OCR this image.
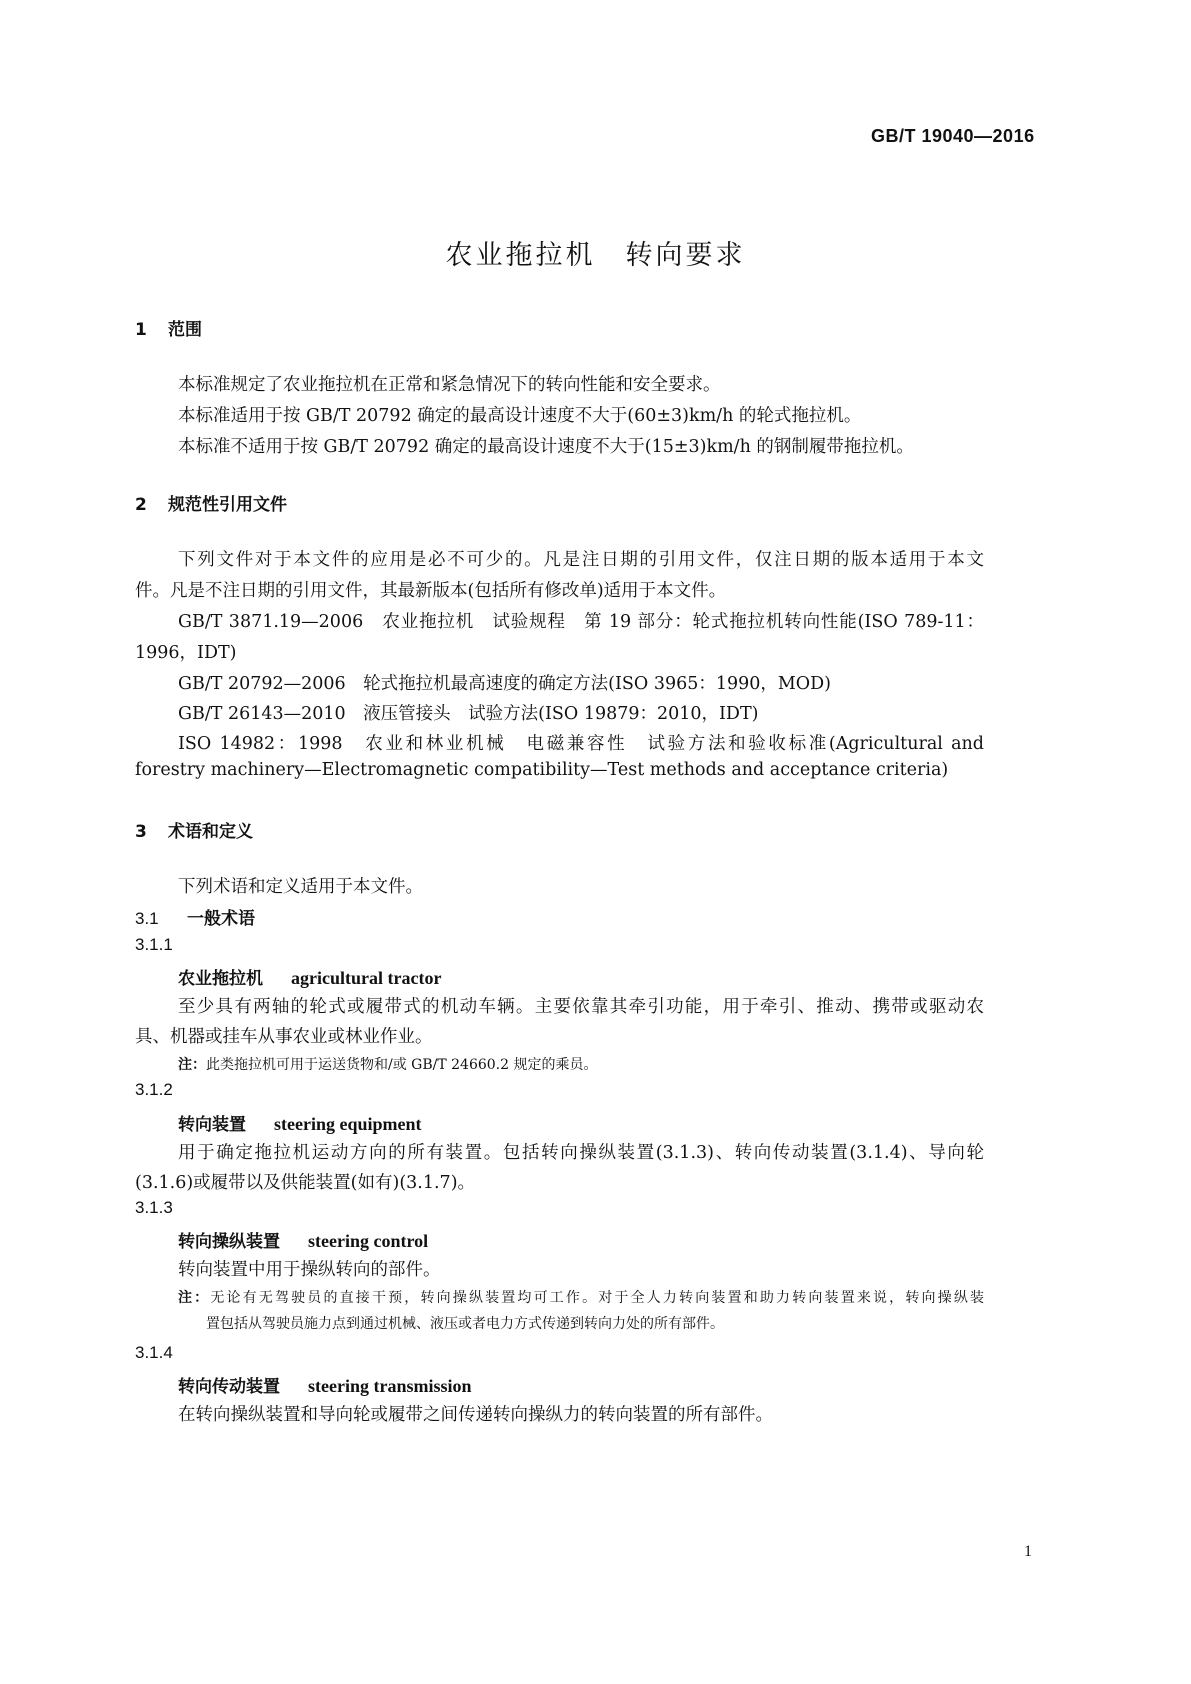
GB/T 19040—2016
农业拖拉机　转向要求
1 范围
本标准规定了农业拖拉机在正常和紧急情况下的转向性能和安全要求。
本标准适用于按 GB/T 20792 确定的最高设计速度不大于(60±3)km/h 的轮式拖拉机。
本标准不适用于按 GB/T 20792 确定的最高设计速度不大于(15±3)km/h 的钢制履带拖拉机。
2 规范性引用文件
下列文件对于本文件的应用是必不可少的。凡是注日期的引用文件，仅注日期的版本适用于本文
件。凡是不注日期的引用文件，其最新版本(包括所有修改单)适用于本文件。
GB/T 3871.19—2006　农业拖拉机　试验规程　第 19 部分：轮式拖拉机转向性能(ISO 789-11：
1996，IDT)
GB/T 20792—2006　轮式拖拉机最高速度的确定方法(ISO 3965：1990，MOD)
GB/T 26143—2010　液压管接头　试验方法(ISO 19879：2010，IDT)
ISO 14982：1998　农业和林业机械　电磁兼容性　试验方法和验收标准(Agricultural and
forestry machinery—Electromagnetic compatibility—Test methods and acceptance criteria)
3 术语和定义
下列术语和定义适用于本文件。
3.1 一般术语
3.1.1
农业拖拉机 agricultural tractor
至少具有两轴的轮式或履带式的机动车辆。主要依靠其牵引功能，用于牵引、推动、携带或驱动农
具、机器或挂车从事农业或林业作业。
注：此类拖拉机可用于运送货物和/或 GB/T 24660.2 规定的乘员。
3.1.2
转向装置 steering equipment
用于确定拖拉机运动方向的所有装置。包括转向操纵装置(3.1.3)、转向传动装置(3.1.4)、导向轮
(3.1.6)或履带以及供能装置(如有)(3.1.7)。
3.1.3
转向操纵装置 steering control
转向装置中用于操纵转向的部件。
注：无论有无驾驶员的直接干预，转向操纵装置均可工作。对于全人力转向装置和助力转向装置来说，转向操纵装
置包括从驾驶员施力点到通过机械、液压或者电力方式传递到转向力处的所有部件。
3.1.4
转向传动装置 steering transmission
在转向操纵装置和导向轮或履带之间传递转向操纵力的转向装置的所有部件。
1
